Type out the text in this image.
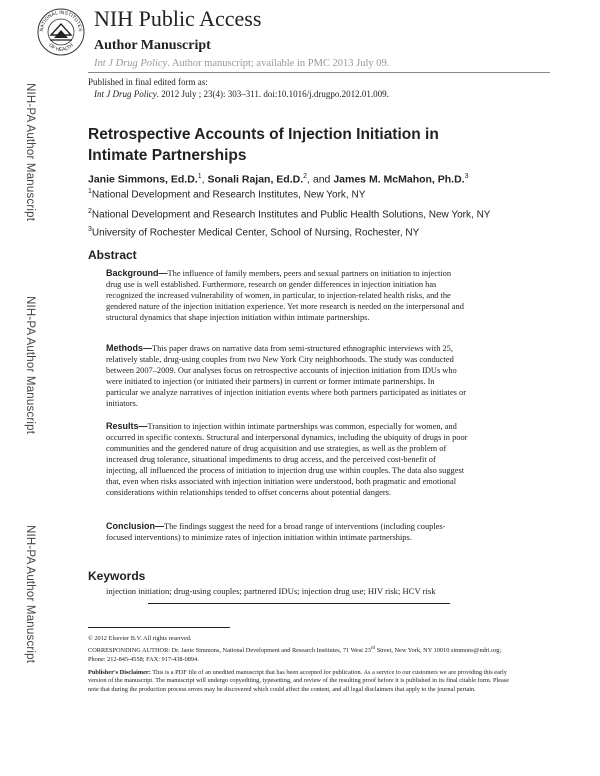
NIH-PA Author Manuscript
NIH-PA Author Manuscript
NIH-PA Author Manuscript
NATIONAL INSTITUTES
OF HEALTH
NIH Public Access
Author Manuscript
Int J Drug Policy. Author manuscript; available in PMC 2013 July 09.
Published in final edited form as:
Int J Drug Policy. 2012 July ; 23(4): 303–311. doi:10.1016/j.drugpo.2012.01.009.
Retrospective Accounts of Injection Initiation in Intimate Partnerships
Janie Simmons, Ed.D.$^1$, Sonali Rajan, Ed.D.$^2$, and James M. McMahon, Ph.D.$^3$
$^1$National Development and Research Institutes, New York, NY
$^2$National Development and Research Institutes and Public Health Solutions, New York, NY
$^3$University of Rochester Medical Center, School of Nursing, Rochester, NY
Abstract
Background—The influence of family members, peers and sexual partners on initiation to injection drug use is well established. Furthermore, research on gender differences in injection initiation has recognized the increased vulnerability of women, in particular, to injection-related health risks, and the gendered nature of the injection initiation experience. Yet more research is needed on the interpersonal and structural dynamics that shape injection initiation within intimate partnerships.
Methods—This paper draws on narrative data from semi-structured ethnographic interviews with 25, relatively stable, drug-using couples from two New York City neighborhoods. The study was conducted between 2007–2009. Our analyses focus on retrospective accounts of injection initiation from IDUs who were initiated to injection (or initiated their partners) in current or former intimate partnerships. In particular we analyze narratives of injection initiation events where both partners participated as initiates or initiators.
Results—Transition to injection within intimate partnerships was common, especially for women, and occurred in specific contexts. Structural and interpersonal dynamics, including the ubiquity of drugs in poor communities and the gendered nature of drug acquisition and use strategies, as well as the problem of increased drug tolerance, situational impediments to drug access, and the perceived cost-benefit of injecting, all influenced the process of initiation to injection drug use within couples. The data also suggest that, even when risks associated with injection initiation were understood, both pragmatic and emotional considerations within relationships tended to offset concerns about potential dangers.
Conclusion—The findings suggest the need for a broad range of interventions (including couples-focused interventions) to minimize rates of injection initiation within intimate partnerships.
Keywords
injection initiation; drug-using couples; partnered IDUs; injection drug use; HIV risk; HCV risk
© 2012 Elsevier B.V. All rights reserved.
CORRESPONDING AUTHOR: Dr. Janie Simmons, National Development and Research Institutes, 71 West 23rd Street, New York, NY 10010 simmons@ndri.org; Phone: 212-845-4558; FAX: 917-438-0894.
Publisher's Disclaimer: This is a PDF file of an unedited manuscript that has been accepted for publication. As a service to our customers we are providing this early version of the manuscript. The manuscript will undergo copyediting, typesetting, and review of the resulting proof before it is published in its final citable form. Please note that during the production process errors may be discovered which could affect the content, and all legal disclaimers that apply to the journal pertain.
